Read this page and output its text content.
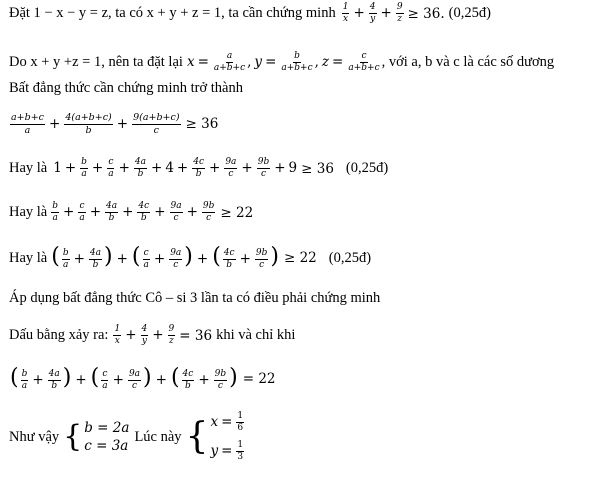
Đặt 1 − x − y = z, ta có x + y + z = 1, ta cần chứng minh $\frac{1}{x} + \frac{4}{y} + \frac{9}{z} \ge 36$. (0,25đ)
Do x + y +z = 1, nên ta đặt lại $x = \frac{a}{a+b+c}$ , $y = \frac{b}{a+b+c}$ , $z = \frac{c}{a+b+c}$ , với a, b và c là các số dương
Bất đẳng thức cần chứng minh trở thành
$\frac{a+b+c}{a} + \frac{4(a+b+c)}{b} + \frac{9(a+b+c)}{c} \ge 36$
Hay là $1 + \frac{b}{a} + \frac{c}{a} + \frac{4a}{b} + 4 + \frac{4c}{b} + \frac{9a}{c} + \frac{9b}{c} + 9 \ge 36$ (0,25đ)
Hay là $\frac{b}{a} + \frac{c}{a} + \frac{4a}{b} + \frac{4c}{b} + \frac{9a}{c} + \frac{9b}{c} \ge 22$
Hay là ( $\frac{b}{a} + \frac{4a}{b}$ ) + ( $\frac{c}{a} + \frac{9a}{c}$ ) + ( $\frac{4c}{b} + \frac{9b}{c}$ ) ≥ 22 (0,25đ)
Áp dụng bất đẳng thức Cô – si 3 lần ta có điều phải chứng minh
Dấu bằng xảy ra: $\frac{1}{x} + \frac{4}{y} + \frac{9}{z} = 36$ khi và chỉ khi
( $\frac{b}{a} + \frac{4a}{b}$ ) + ( $\frac{c}{a} + \frac{9a}{c}$ ) + ( $\frac{4c}{b} + \frac{9b}{c}$ ) = 22
Như vậy { b = 2a
c = 3a
Lúc này { $x = \frac{1}{6}$
$y = \frac{1}{3}$
